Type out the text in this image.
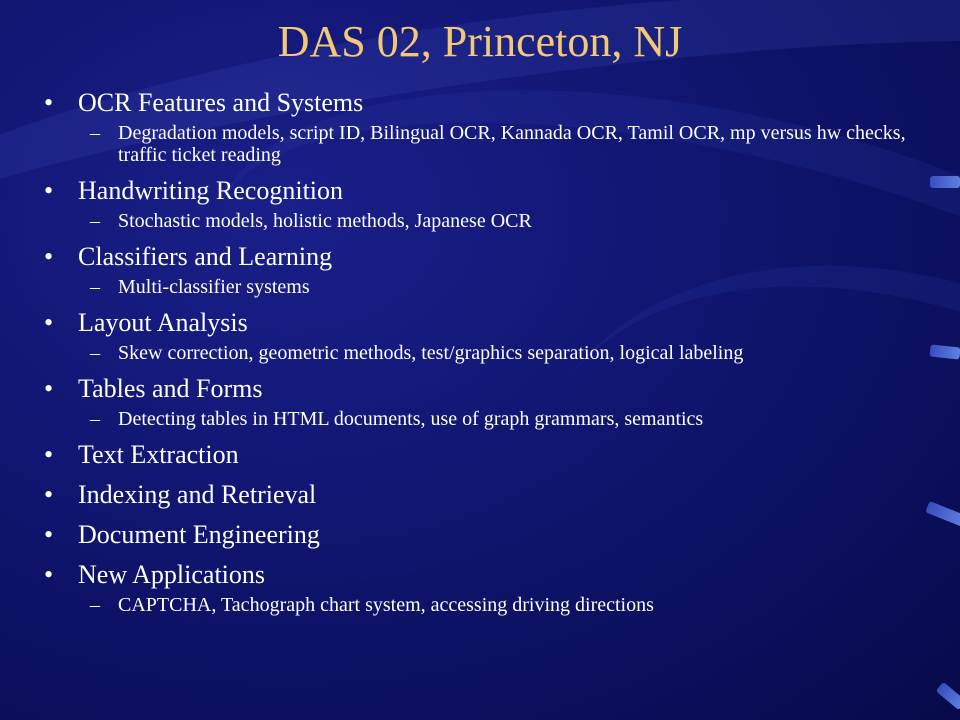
DAS 02, Princeton, NJ
• OCR Features and Systems
– Degradation models, script ID, Bilingual OCR, Kannada OCR, Tamil OCR, mp versus hw checks, traffic ticket reading
• Handwriting Recognition
– Stochastic models, holistic methods, Japanese OCR
• Classifiers and Learning
– Multi-classifier systems
• Layout Analysis
– Skew correction, geometric methods, test/graphics separation, logical labeling
• Tables and Forms
– Detecting tables in HTML documents, use of graph grammars, semantics
• Text Extraction
• Indexing and Retrieval
• Document Engineering
• New Applications
– CAPTCHA, Tachograph chart system, accessing driving directions
